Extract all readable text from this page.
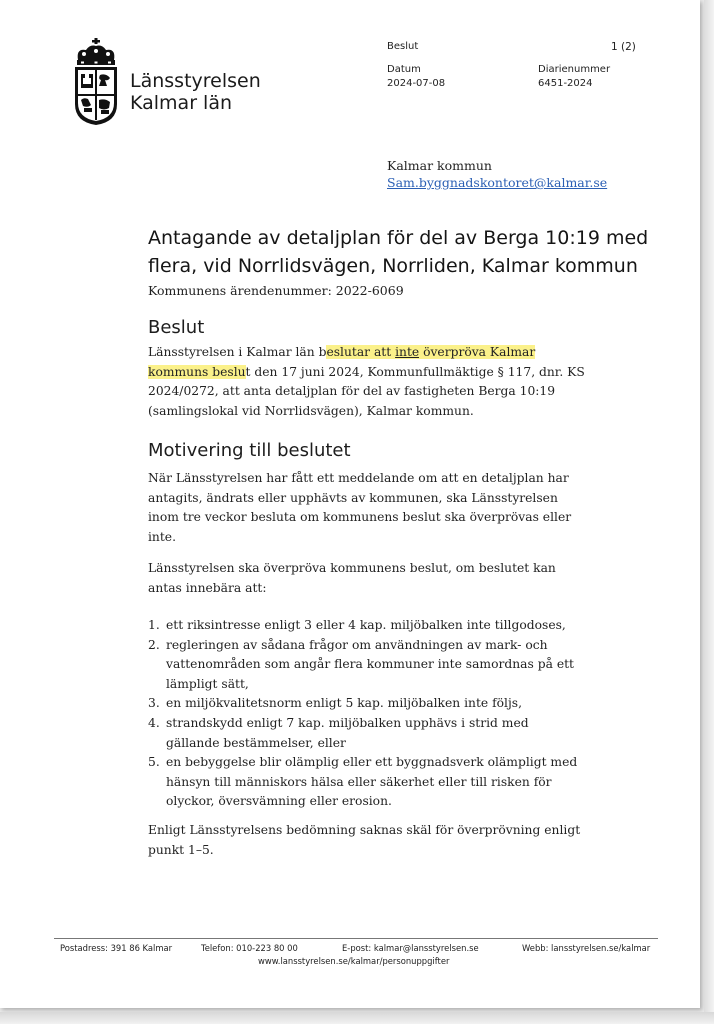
Länsstyrelsen
Kalmar län
Beslut	1 (2)
Datum
2024-07-08
Diarienummer
6451-2024
Kalmar kommun
Sam.byggnadskontoret@kalmar.se
Antagande av detaljplan för del av Berga 10:19 med
flera, vid Norrlidsvägen, Norrliden, Kalmar kommun
Kommunens ärendenummer: 2022-6069
Beslut
Länsstyrelsen i Kalmar län beslutar att inte överpröva Kalmar
kommuns beslut den 17 juni 2024, Kommunfullmäktige § 117, dnr. KS
2024/0272, att anta detaljplan för del av fastigheten Berga 10:19
(samlingslokal vid Norrlidsvägen), Kalmar kommun.
Motivering till beslutet
När Länsstyrelsen har fått ett meddelande om att en detaljplan har
antagits, ändrats eller upphävts av kommunen, ska Länsstyrelsen
inom tre veckor besluta om kommunens beslut ska överprövas eller
inte.
Länsstyrelsen ska överpröva kommunens beslut, om beslutet kan
antas innebära att:
1. ett riksintresse enligt 3 eller 4 kap. miljöbalken inte tillgodoses,
2. regleringen av sådana frågor om användningen av mark- och
vattenområden som angår flera kommuner inte samordnas på ett
lämpligt sätt,
3. en miljökvalitetsnorm enligt 5 kap. miljöbalken inte följs,
4. strandskydd enligt 7 kap. miljöbalken upphävs i strid med
gällande bestämmelser, eller
5. en bebyggelse blir olämplig eller ett byggnadsverk olämpligt med
hänsyn till människors hälsa eller säkerhet eller till risken för
olyckor, översvämning eller erosion.
Enligt Länsstyrelsens bedömning saknas skäl för överprövning enligt
punkt 1–5.
Postadress: 391 86 Kalmar	Telefon: 010-223 80 00	E-post: kalmar@lansstyrelsen.se	Webb: lansstyrelsen.se/kalmar
www.lansstyrelsen.se/kalmar/personuppgifter
